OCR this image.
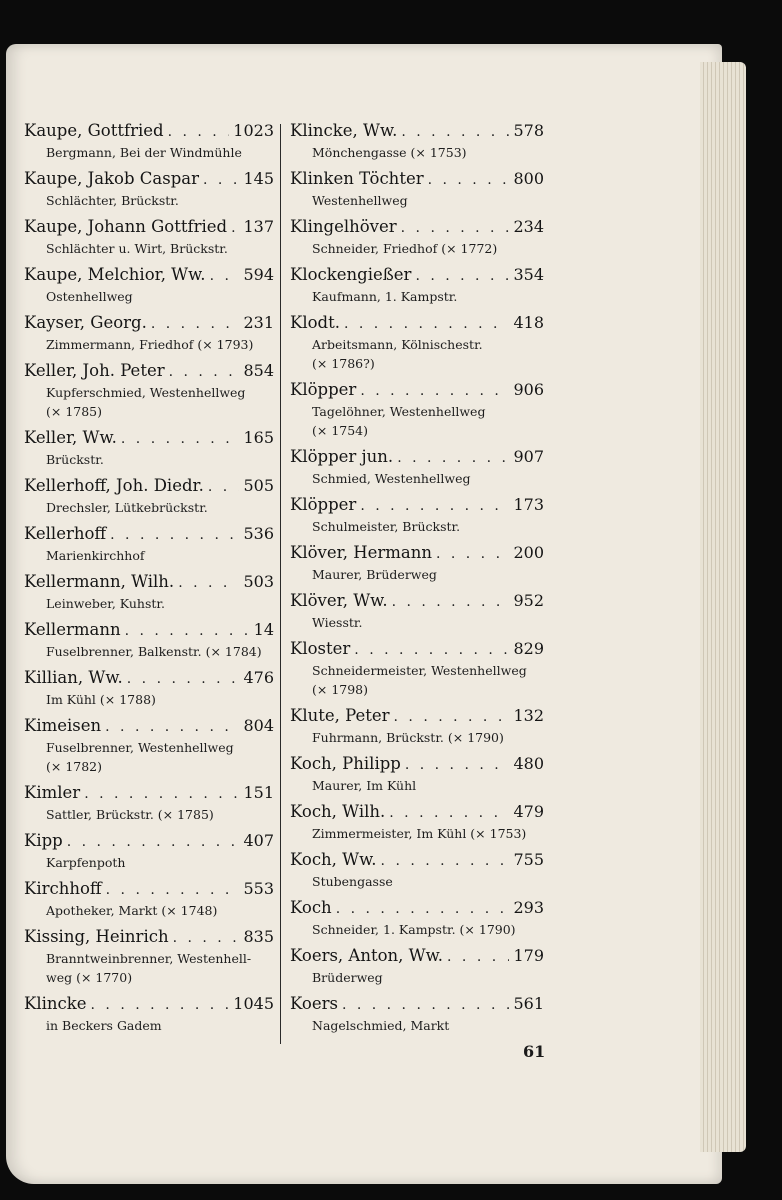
Kaupe, Gottfried . . .	1023
Bergmann, Bei der Windmühle
Kaupe, Jakob Caspar . . .	145
Schlächter, Brückstr.
Kaupe, Johann Gottfried . . . 137
Schlächter u. Wirt, Brückstr.
Kaupe, Melchior, Ww. . . . 594
Ostenhellweg
Kayser, Georg. . . .	231
Zimmermann, Friedhof (× 1793)
Keller, Joh. Peter . . .	854
Kupferschmied, Westenhellweg
(× 1785)
Keller, Ww. . . .	165
Brückstr.
Kellerhoff, Joh. Diedr. . . . 505
Drechsler, Lütkebrückstr.
Kellerhoff . . .	536
Marienkirchhof
Kellermann, Wilh. . . .	503
Leinweber, Kuhstr.
Kellermann . . .	14
Fuselbrenner, Balkenstr. (× 1784)
Killian, Ww. . . .	476
Im Kühl (× 1788)
Kimeisen . . .	804
Fuselbrenner, Westenhellweg
(× 1782)
Kimler . . .	151
Sattler, Brückstr. (× 1785)
Kipp . . .	407
Karpfenpoth
Kirchhoff . . .	553
Apotheker, Markt (× 1748)
Kissing, Heinrich . . .	835
Branntweinbrenner, Westenhell-
weg (× 1770)
Klincke . . .	1045
in Beckers Gadem
Klincke, Ww. . . .	578
Mönchengasse (× 1753)
Klinken Töchter . . .	800
Westenhellweg
Klingelhöver . . .	234
Schneider, Friedhof (× 1772)
Klockengießer . . .	354
Kaufmann, 1. Kampstr.
Klodt. . . .	418
Arbeitsmann, Kölnischestr.
(× 1786?)
Klöpper . . .	906
Tagelöhner, Westenhellweg
(× 1754)
Klöpper jun. . . .	907
Schmied, Westenhellweg
Klöpper . . .	173
Schulmeister, Brückstr.
Klöver, Hermann . . .	200
Maurer, Brüderweg
Klöver, Ww. . . .	952
Wiesstr.
Kloster . . .	829
Schneidermeister, Westenhellweg
(× 1798)
Klute, Peter . . .	132
Fuhrmann, Brückstr. (× 1790)
Koch, Philipp . . .	480
Maurer, Im Kühl
Koch, Wilh. . . .	479
Zimmermeister, Im Kühl (× 1753)
Koch, Ww. . . .	755
Stubengasse
Koch . . .	293
Schneider, 1. Kampstr. (× 1790)
Koers, Anton, Ww. . . .	179
Brüderweg
Koers . . .	561
Nagelschmied, Markt
61
